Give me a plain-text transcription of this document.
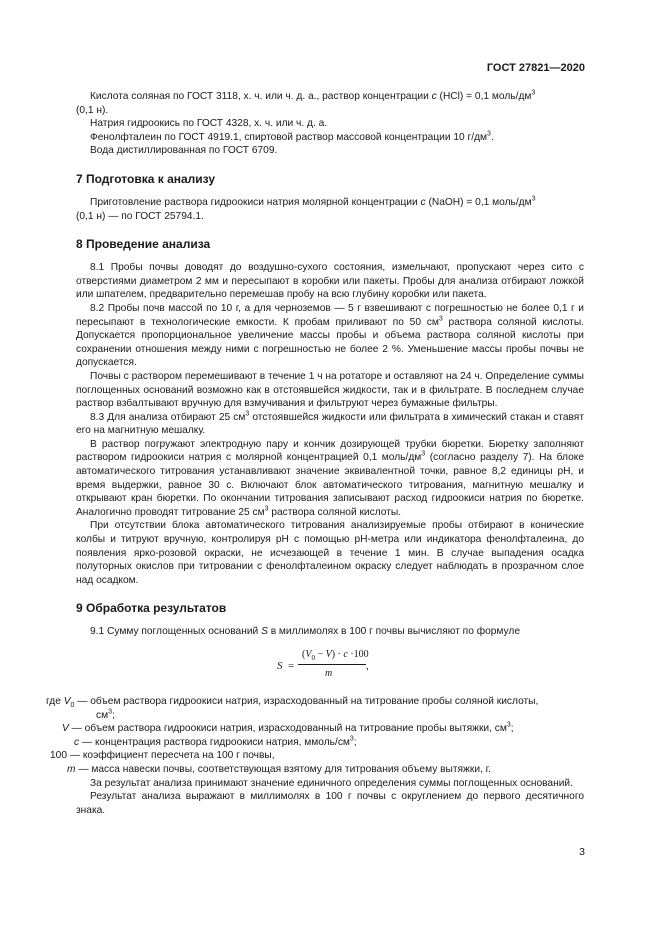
ГОСТ 27821—2020

Кислота соляная по ГОСТ 3118, х. ч. или ч. д. а., раствор концентрации c (HCl) = 0,1 моль/$дм^3$

(0,1 н).

Натрия гидроокись по ГОСТ 4328, х. ч. или ч. д. а.

Фенолфталеин по ГОСТ 4919.1, спиртовой раствор массовой концентрации 10 $г/дм^3$.

Вода дистиллированная по ГОСТ 6709.

7 Подготовка к анализу

Приготовление раствора гидроокиси натрия молярной концентрации c (NaOH) = 0,1 моль/$дм^3$

(0,1 н) — по ГОСТ 25794.1.

8 Проведение анализа

8.1 Пробы почвы доводят до воздушно-сухого состояния, измельчают, пропускают через сито с отверстиями диаметром 2 мм и пересыпают в коробки или пакеты. Пробы для анализа отбирают ложкой или шпателем, предварительно перемешав пробу на всю глубину коробки или пакета.

8.2 Пробы почв массой по 10 г, а для черноземов — 5 г взвешивают с погрешностью не более 0,1 г и пересыпают в технологические емкости. К пробам приливают по 50 $см^3$ раствора соляной кислоты. Допускается пропорциональное увеличение массы пробы и объема раствора соляной кислоты при сохранении отношения между ними с погрешностью не более 2 %. Уменьшение массы пробы почвы не допускается.

Почвы с раствором перемешивают в течение 1 ч на ротаторе и оставляют на 24 ч. Определение суммы поглощенных оснований возможно как в отстоявшейся жидкости, так и в фильтрате. В последнем случае раствор взбалтывают вручную для взмучивания и фильтруют через бумажные фильтры.

8.3 Для анализа отбирают 25 $см^3$ отстоявшейся жидкости или фильтрата в химический стакан и ставят его на магнитную мешалку.

В раствор погружают электродную пару и кончик дозирующей трубки бюретки. Бюретку заполняют раствором гидроокиси натрия с молярной концентрацией 0,1 моль/$дм^3$ (согласно разделу 7). На блоке автоматического титрования устанавливают значение эквивалентной точки, равное 8,2 единицы pH, и время выдержки, равное 30 с. Включают блок автоматического титрования, магнитную мешалку и открывают кран бюретки. По окончании титрования записывают расход гидроокиси натрия по бюретке. Аналогично проводят титрование 25 $см^3$ раствора соляной кислоты.

При отсутствии блока автоматического титрования анализируемые пробы отбирают в конические колбы и титруют вручную, контролируя pH с помощью pH-метра или индикатора фенолфталеина, до появления ярко-розовой окраски, не исчезающей в течение 1 мин. В случае выпадения осадка полуторных окислов при титровании с фенолфталеином окраску следует наблюдать в прозрачном слое над осадком.

9 Обработка результатов

9.1 Сумму поглощенных оснований S в миллимолях в 100 г почвы вычисляют по формуле

S =
$(V_0 - V) \cdot c \cdot 100$
m
,

где $V_0$ — объем раствора гидроокиси натрия, израсходованный на титрование пробы соляной кислоты,

$см^3$;

V — объем раствора гидроокиси натрия, израсходованный на титрование пробы вытяжки, $см^3$;

c — концентрация раствора гидроокиси натрия, ммоль/$см^3$;

100 — коэффициент пересчета на 100 г почвы,

m — масса навески почвы, соответствующая взятому для титрования объему вытяжки, г.

За результат анализа принимают значение единичного определения суммы поглощенных оснований.

Результат анализа выражают в миллимолях в 100 г почвы с округлением до первого десятичного знака.

3
